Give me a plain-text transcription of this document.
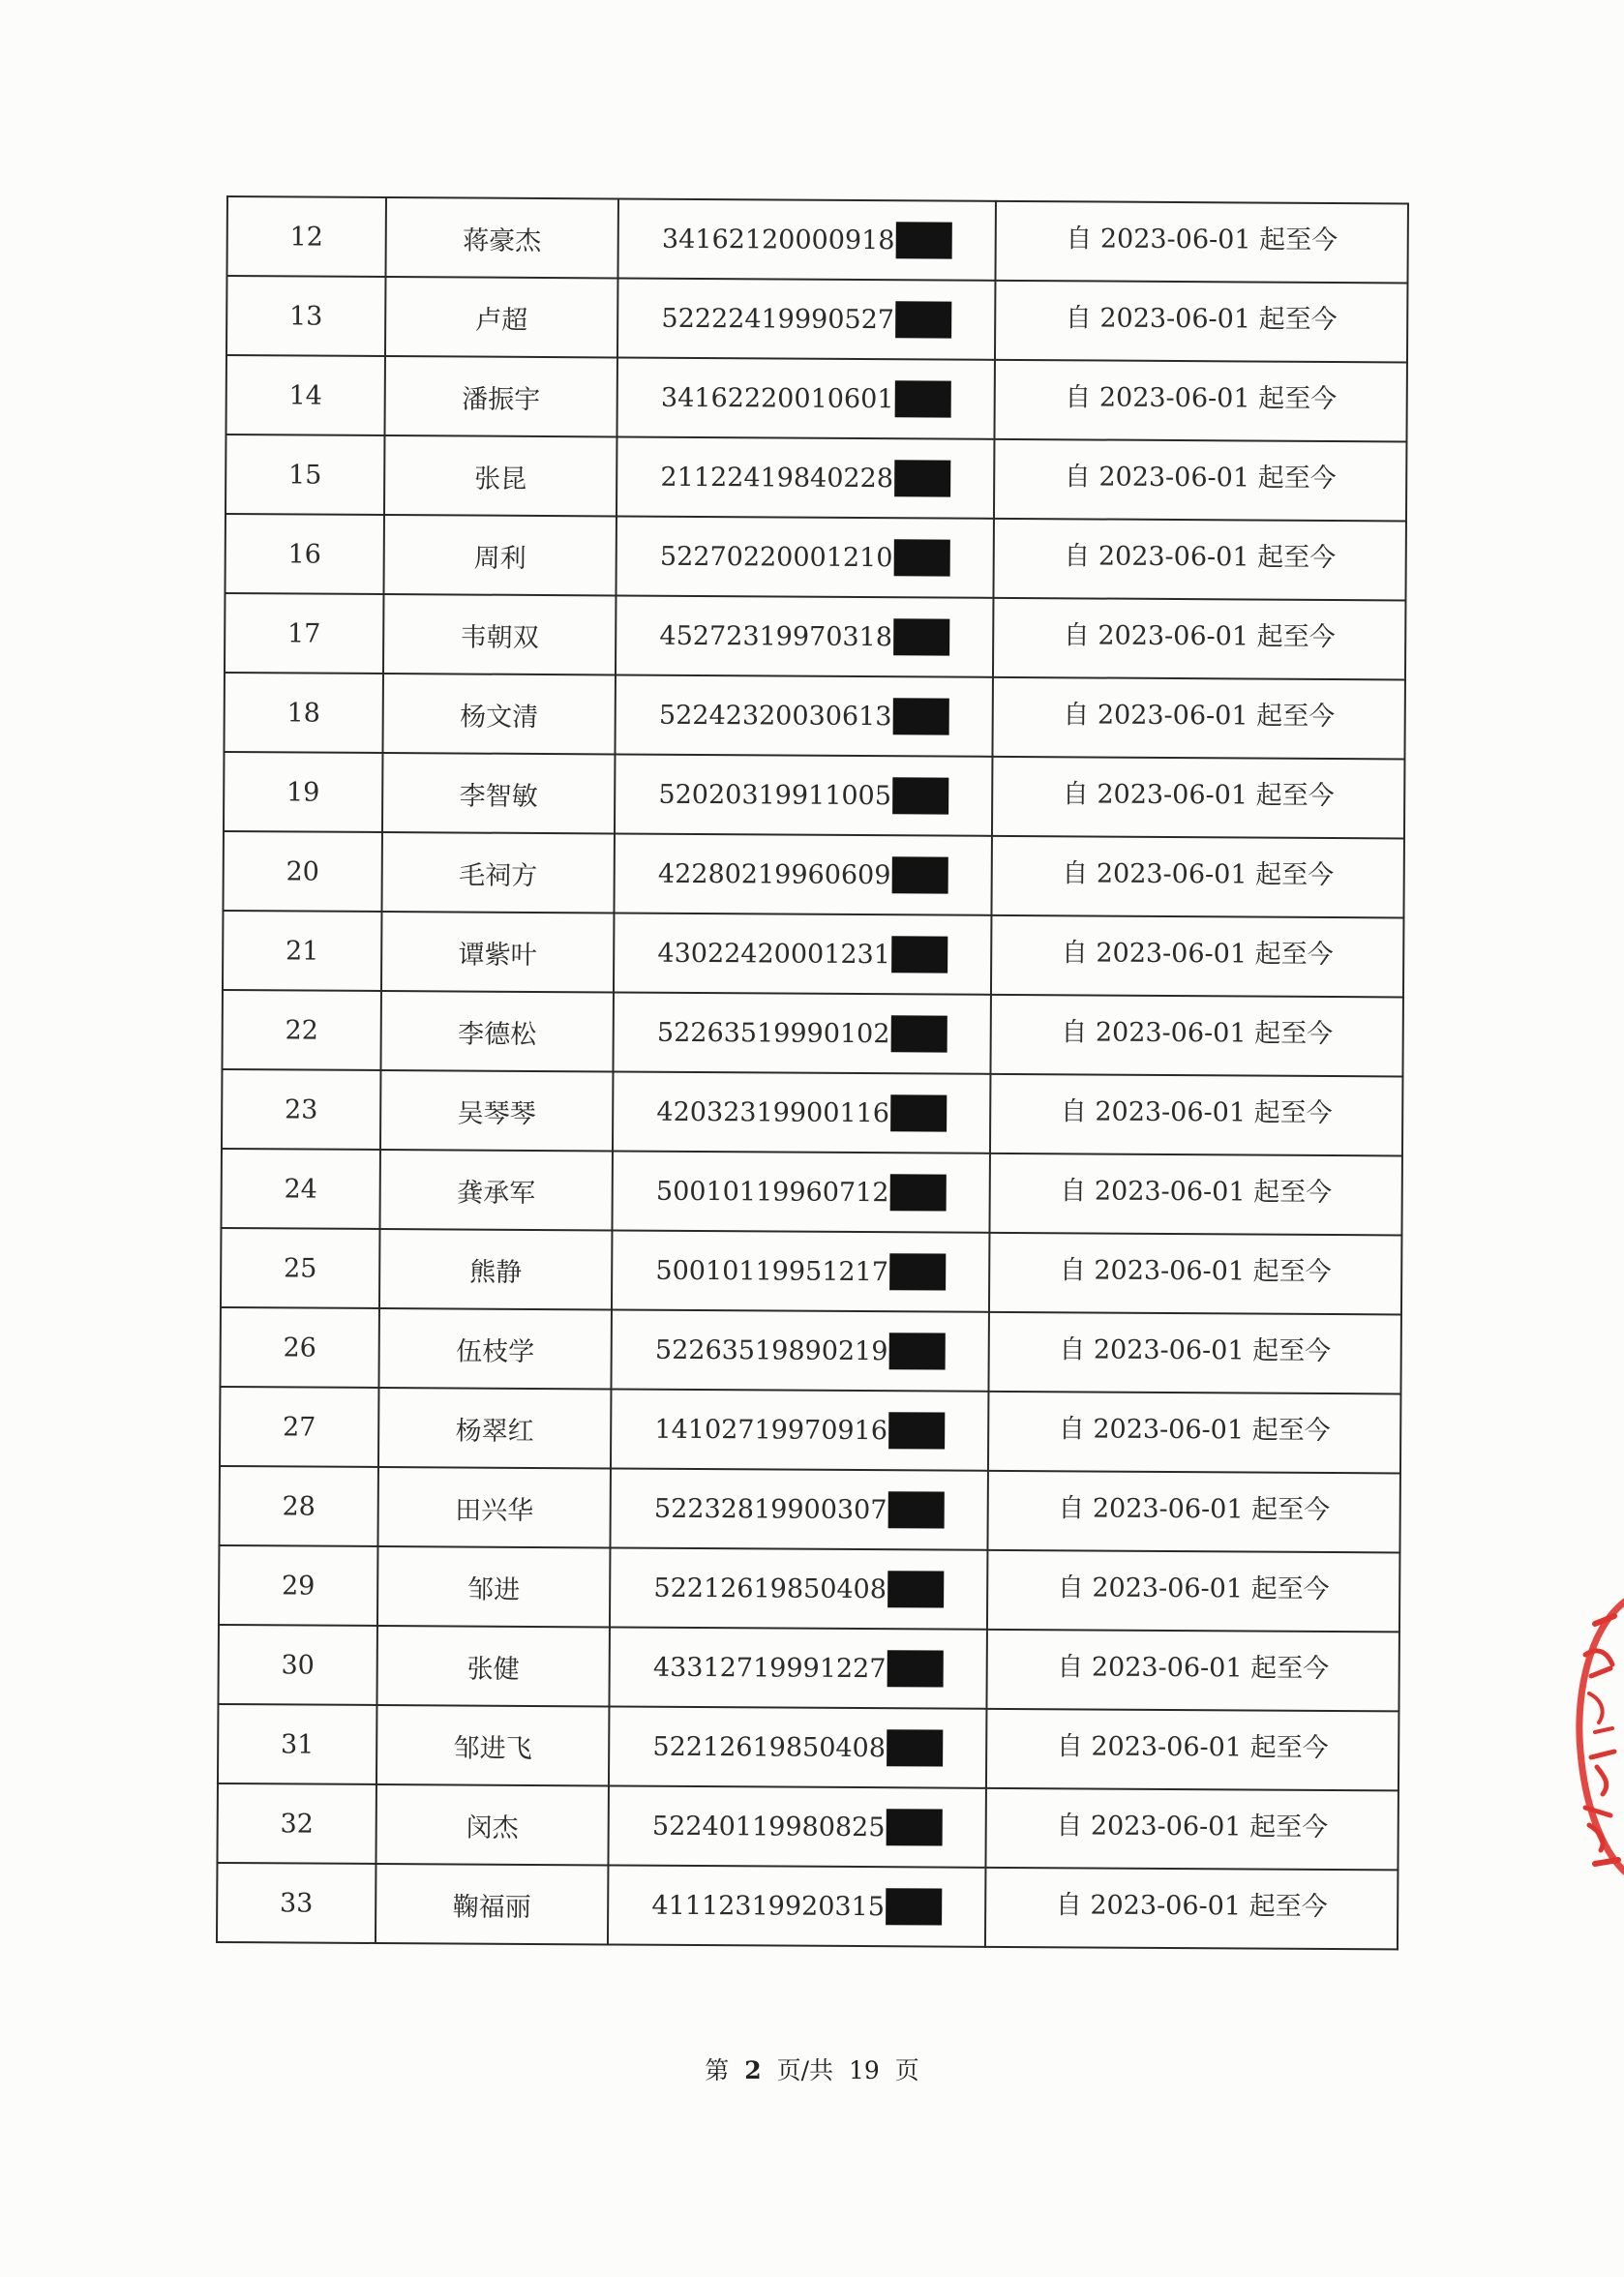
12	蒋豪杰	34162120000918	自 2023-06-01 起至今
13	卢超	52222419990527	自 2023-06-01 起至今
14	潘振宇	34162220010601	自 2023-06-01 起至今
15	张昆	21122419840228	自 2023-06-01 起至今
16	周利	52270220001210	自 2023-06-01 起至今
17	韦朝双	45272319970318	自 2023-06-01 起至今
18	杨文清	52242320030613	自 2023-06-01 起至今
19	李智敏	52020319911005	自 2023-06-01 起至今
20	毛祠方	42280219960609	自 2023-06-01 起至今
21	谭紫叶	43022420001231	自 2023-06-01 起至今
22	李德松	52263519990102	自 2023-06-01 起至今
23	吴琴琴	42032319900116	自 2023-06-01 起至今
24	龚承军	50010119960712	自 2023-06-01 起至今
25	熊静	50010119951217	自 2023-06-01 起至今
26	伍枝学	52263519890219	自 2023-06-01 起至今
27	杨翠红	14102719970916	自 2023-06-01 起至今
28	田兴华	52232819900307	自 2023-06-01 起至今
29	邹进	52212619850408	自 2023-06-01 起至今
30	张健	43312719991227	自 2023-06-01 起至今
31	邹进飞	52212619850408	自 2023-06-01 起至今
32	闵杰	52240119980825	自 2023-06-01 起至今
33	鞠福丽	41112319920315	自 2023-06-01 起至今
第 2 页/共 19 页
